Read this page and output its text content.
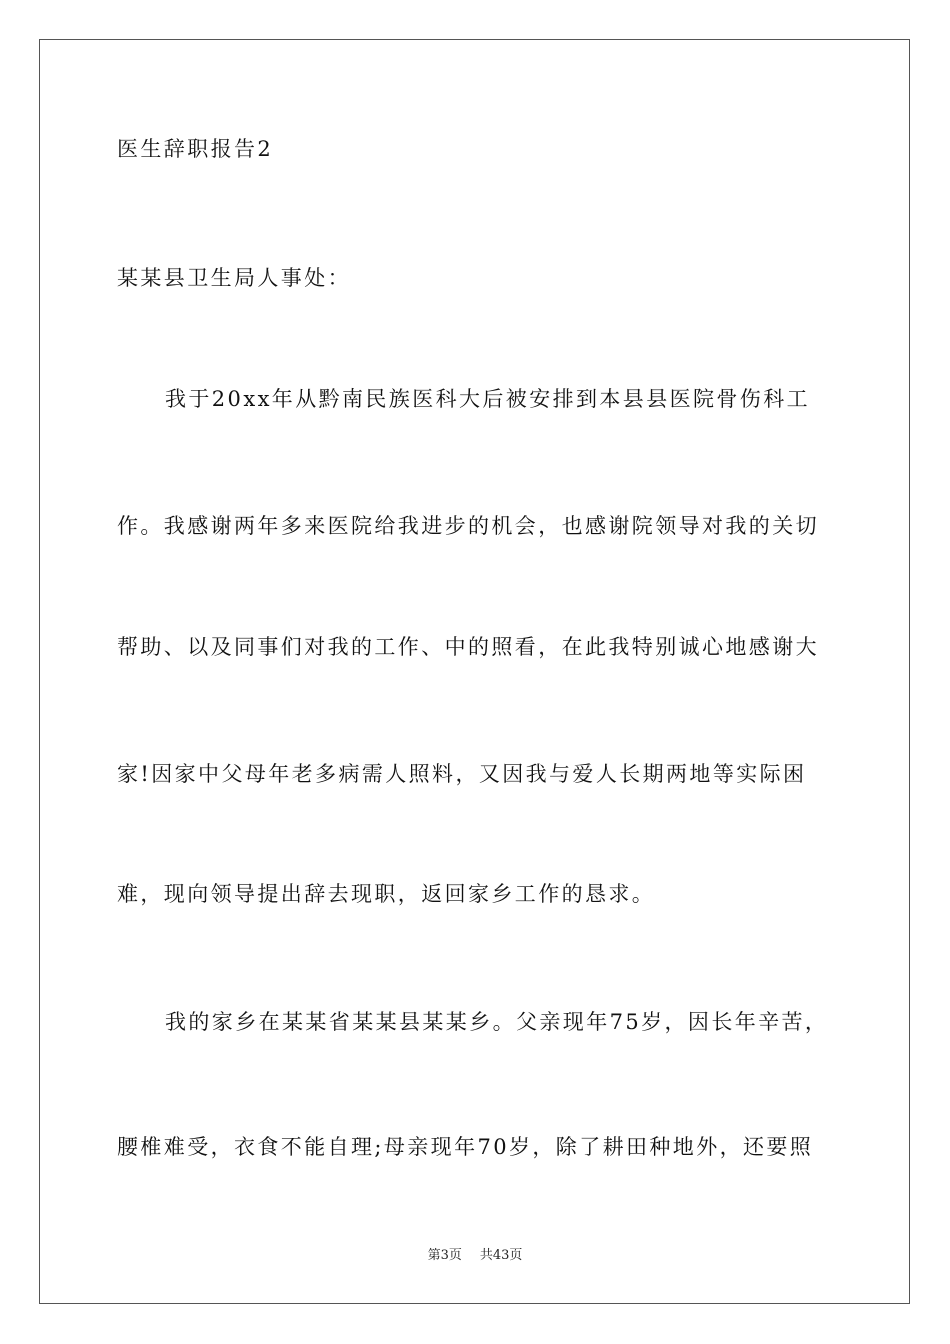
医生辞职报告2
某某县卫生局人事处：
我于20xx年从黔南民族医科大后被安排到本县县医院骨伤科工
作。我感谢两年多来医院给我进步的机会，也感谢院领导对我的关切
帮助、以及同事们对我的工作、中的照看，在此我特别诚心地感谢大
家!因家中父母年老多病需人照料，又因我与爱人长期两地等实际困
难，现向领导提出辞去现职，返回家乡工作的恳求。
我的家乡在某某省某某县某某乡。父亲现年75岁，因长年辛苦，
腰椎难受，衣食不能自理;母亲现年70岁，除了耕田种地外，还要照
第3页 共43页
